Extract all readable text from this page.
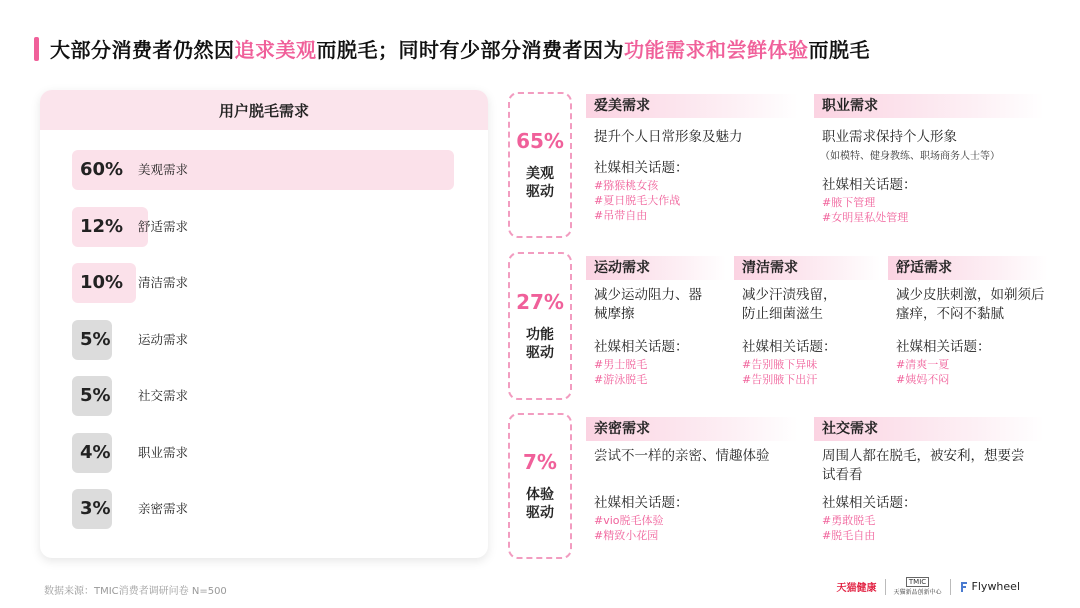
大部分消费者仍然因追求美观而脱毛；同时有少部分消费者因为功能需求和尝鲜体验而脱毛
用户脱毛需求
60% 美观需求
12% 舒适需求
10% 清洁需求
5% 运动需求
5% 社交需求
4% 职业需求
3% 亲密需求
65%
美观驱动
27%
功能驱动
7%
体验驱动
爱美需求
提升个人日常形象及魅力
社媒相关话题：
#猕猴桃女孩
#夏日脱毛大作战
#吊带自由
职业需求
职业需求保持个人形象
（如模特、健身教练、职场商务人士等）
社媒相关话题：
#腋下管理
#女明星私处管理
运动需求
减少运动阻力、器械摩擦
社媒相关话题：
#男士脱毛
#游泳脱毛
清洁需求
减少汗渍残留，防止细菌滋生
社媒相关话题：
#告别腋下异味
#告别腋下出汗
舒适需求
减少皮肤刺激，如剃须后瘙痒，不闷不黏腻
社媒相关话题：
#清爽一夏
#姨妈不闷
亲密需求
尝试不一样的亲密、情趣体验
社媒相关话题：
#vio脱毛体验
#精致小花园
社交需求
周围人都在脱毛，被安利，想要尝试看看
社媒相关话题：
#勇敢脱毛
#脱毛自由
数据来源：TMIC消费者调研问卷 N=500	天猫健康
TMIC
天猫新品创新中心	Flywheel
